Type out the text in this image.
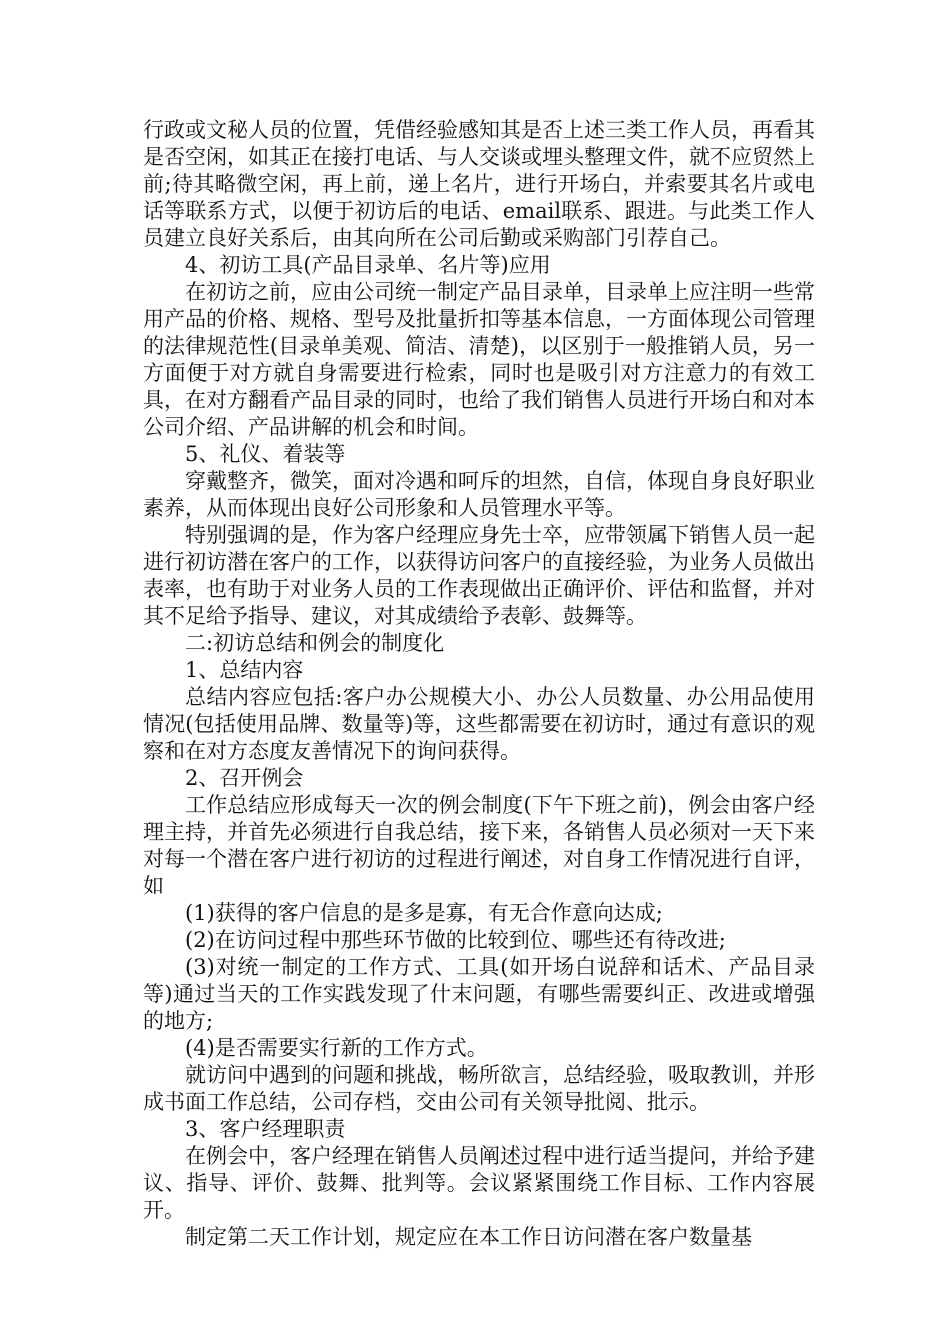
行政或文秘人员的位置，凭借经验感知其是否上述三类工作人员，再看其是否空闲，如其正在接打电话、与人交谈或埋头整理文件，就不应贸然上前;待其略微空闲，再上前，递上名片，进行开场白，并索要其名片或电话等联系方式，以便于初访后的电话、email联系、跟进。与此类工作人员建立良好关系后，由其向所在公司后勤或采购部门引荐自己。

4、初访工具(产品目录单、名片等)应用

在初访之前，应由公司统一制定产品目录单，目录单上应注明一些常用产品的价格、规格、型号及批量折扣等基本信息，一方面体现公司管理的法律规范性(目录单美观、简洁、清楚)，以区别于一般推销人员，另一方面便于对方就自身需要进行检索，同时也是吸引对方注意力的有效工具，在对方翻看产品目录的同时，也给了我们销售人员进行开场白和对本公司介绍、产品讲解的机会和时间。

5、礼仪、着装等

穿戴整齐，微笑，面对冷遇和呵斥的坦然，自信，体现自身良好职业素养，从而体现出良好公司形象和人员管理水平等。

特别强调的是，作为客户经理应身先士卒，应带领属下销售人员一起进行初访潜在客户的工作，以获得访问客户的直接经验，为业务人员做出表率，也有助于对业务人员的工作表现做出正确评价、评估和监督，并对其不足给予指导、建议，对其成绩给予表彰、鼓舞等。

二:初访总结和例会的制度化

1、总结内容

总结内容应包括:客户办公规模大小、办公人员数量、办公用品使用情况(包括使用品牌、数量等)等，这些都需要在初访时，通过有意识的观察和在对方态度友善情况下的询问获得。

2、召开例会

工作总结应形成每天一次的例会制度(下午下班之前)，例会由客户经理主持，并首先必须进行自我总结，接下来，各销售人员必须对一天下来对每一个潜在客户进行初访的过程进行阐述，对自身工作情况进行自评，如

(1)获得的客户信息的是多是寡，有无合作意向达成;

(2)在访问过程中那些环节做的比较到位、哪些还有待改进;

(3)对统一制定的工作方式、工具(如开场白说辞和话术、产品目录等)通过当天的工作实践发现了什末问题，有哪些需要纠正、改进或增强的地方;

(4)是否需要实行新的工作方式。

就访问中遇到的问题和挑战，畅所欲言，总结经验，吸取教训，并形成书面工作总结，公司存档，交由公司有关领导批阅、批示。

3、客户经理职责

在例会中，客户经理在销售人员阐述过程中进行适当提问，并给予建议、指导、评价、鼓舞、批判等。会议紧紧围绕工作目标、工作内容展开。

制定第二天工作计划，规定应在本工作日访问潜在客户数量基
